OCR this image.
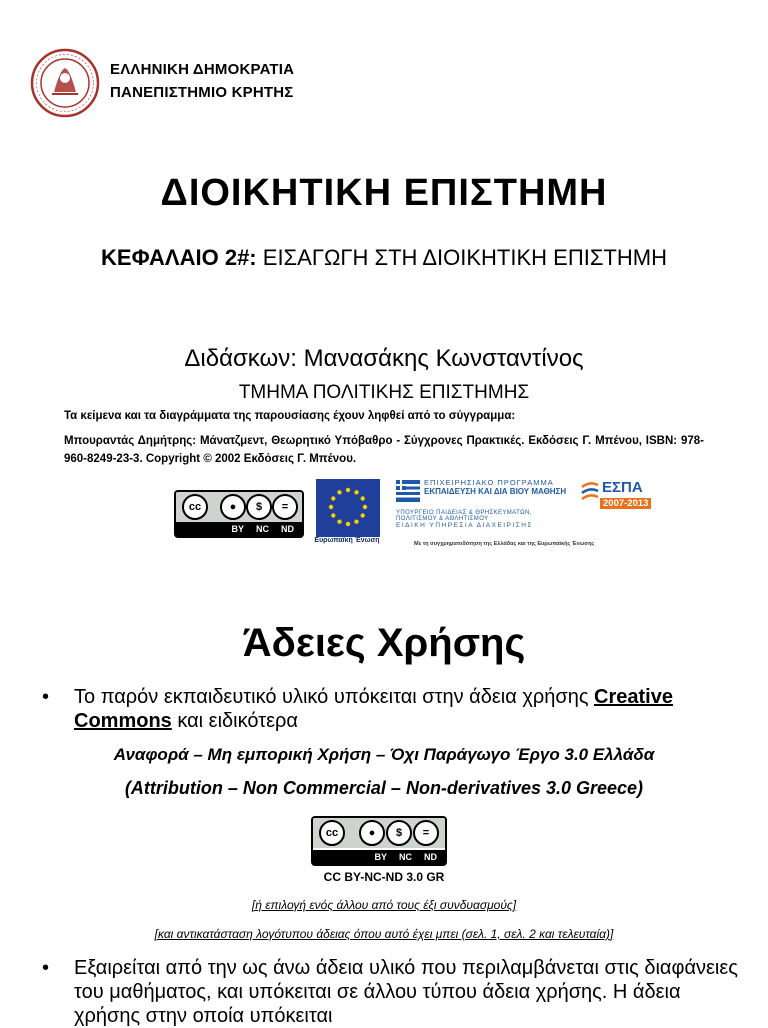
ΕΛΛΗΝΙΚΗ ΔΗΜΟΚΡΑΤΙΑ
ΠΑΝΕΠΙΣΤΗΜΙΟ ΚΡΗΤΗΣ
ΔΙΟΙΚΗΤΙΚΗ ΕΠΙΣΤΗΜΗ
ΚΕΦΑΛΑΙΟ 2#: ΕΙΣΑΓΩΓΗ ΣΤΗ ΔΙΟΙΚΗΤΙΚΗ ΕΠΙΣΤΗΜΗ
Διδάσκων: Μανασάκης Κωνσταντίνος
ΤΜΗΜΑ ΠΟΛΙΤΙΚΗΣ ΕΠΙΣΤΗΜΗΣ
Τα κείμενα και τα διαγράμματα της παρουσίασης έχουν ληφθεί από το σύγγραμμα:
Μπουραντάς Δημήτρης: Μάνατζμεντ, Θεωρητικό Υπόβαθρο - Σύγχρονες Πρακτικές. Εκδόσεις Γ. Μπένου, ISBN: 978-960-8249-23-3. Copyright © 2002 Εκδόσεις Γ. Μπένου.
cc	●	$	=
BY NC ND
Ευρωπαϊκή Ένωση
ΕΠΙΧΕΙΡΗΣΙΑΚΟ ΠΡΟΓΡΑΜΜΑ
ΕΚΠΑΙΔΕΥΣΗ ΚΑΙ ΔΙΑ ΒΙΟΥ ΜΑΘΗΣΗ
ΥΠΟΥΡΓΕΙΟ ΠΑΙΔΕΙΑΣ & ΘΡΗΣΚΕΥΜΑΤΩΝ, ΠΟΛΙΤΙΣΜΟΥ & ΑΘΛΗΤΙΣΜΟΥ
ΕΙΔΙΚΗ ΥΠΗΡΕΣΙΑ ΔΙΑΧΕΙΡΙΣΗΣ
ΕΣΠΑ
2007-2013
Με τη συγχρηματοδότηση της Ελλάδας και της Ευρωπαϊκής Ένωσης
Άδειες Χρήσης
• Το παρόν εκπαιδευτικό υλικό υπόκειται στην άδεια χρήσης Creative Commons και ειδικότερα
Αναφορά – Μη εμπορική Χρήση – Όχι Παράγωγο Έργο 3.0 Ελλάδα
(Attribution – Non Commercial – Non-derivatives 3.0 Greece)
cc	●	$	=
BY NC ND
CC BY-NC-ND 3.0 GR
[ή επιλογή ενός άλλου από τους έξι συνδυασμούς]
[και αντικατάσταση λογότυπου άδειας όπου αυτό έχει μπει (σελ. 1, σελ. 2 και τελευταία)]
• Εξαιρείται από την ως άνω άδεια υλικό που περιλαμβάνεται στις διαφάνειες του μαθήματος, και υπόκειται σε άλλου τύπου άδεια χρήσης. Η άδεια χρήσης στην οποία υπόκειται
